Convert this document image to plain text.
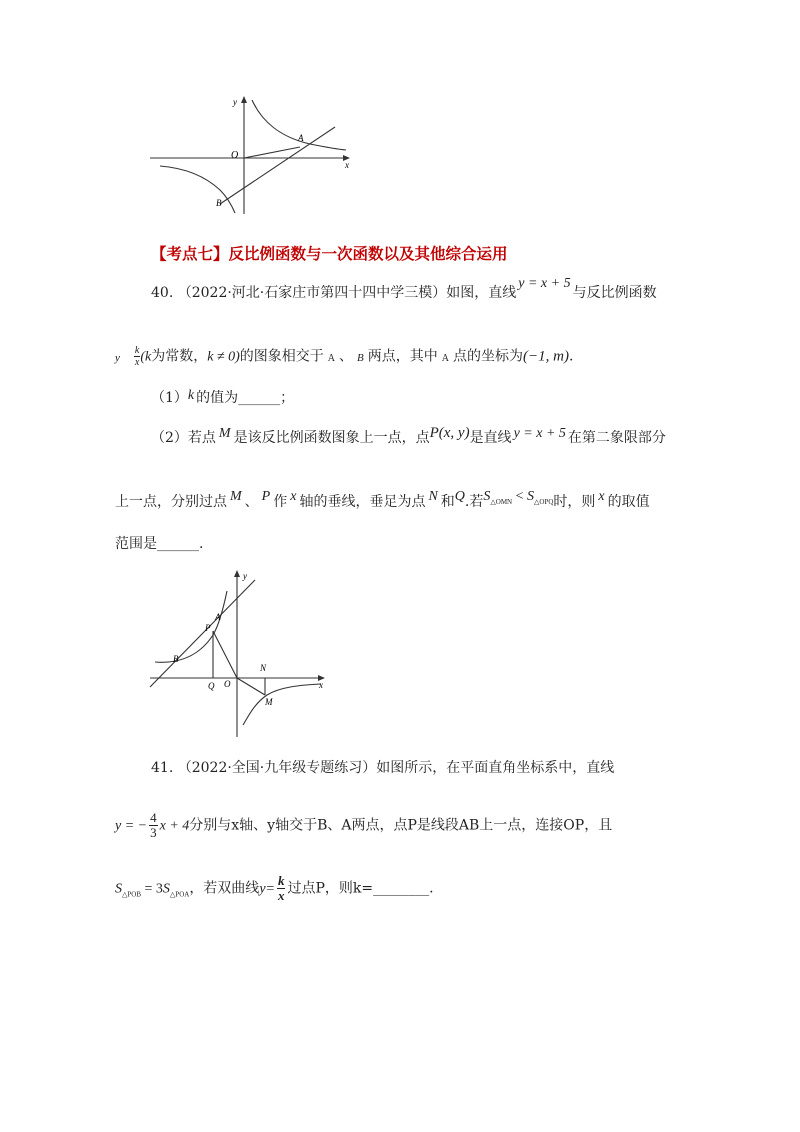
y
x
O
A
B
【考点七】反比例函数与一次函数以及其他综合运用
40. （2022·河北·石家庄市第四十四中学三模）如图，直线y = x + 5与反比例函数
y $\frac{k}{x} (k$为常数，k ≠ 0)的图象相交于 A 、 B 两点，其中 A 点的坐标为(−1, m).
（1）k 的值为______；
（2）若点 M 是该反比例函数图象上一点，点P(x, y)是直线 y = x + 5 在第二象限部分
上一点，分别过点 M 、 P 作 x 轴的垂线，垂足为点 N 和Q.若$S_{\triangle OMN} < S_{\triangle OPQ}$时，则 x 的取值
范围是______.
y
x
O
A
P
B
Q
N
M
41. （2022·全国·九年级专题练习）如图所示，在平面直角坐标系中，直线
y = − $\frac{4}{3}$ x + 4分别与x轴、y轴交于B、A两点，点P是线段AB上一点，连接OP，且
$S_{\triangle POB} = 3S_{\triangle POA}$，若双曲线$y= \frac{k}{x}$ 过点P，则k=________.
